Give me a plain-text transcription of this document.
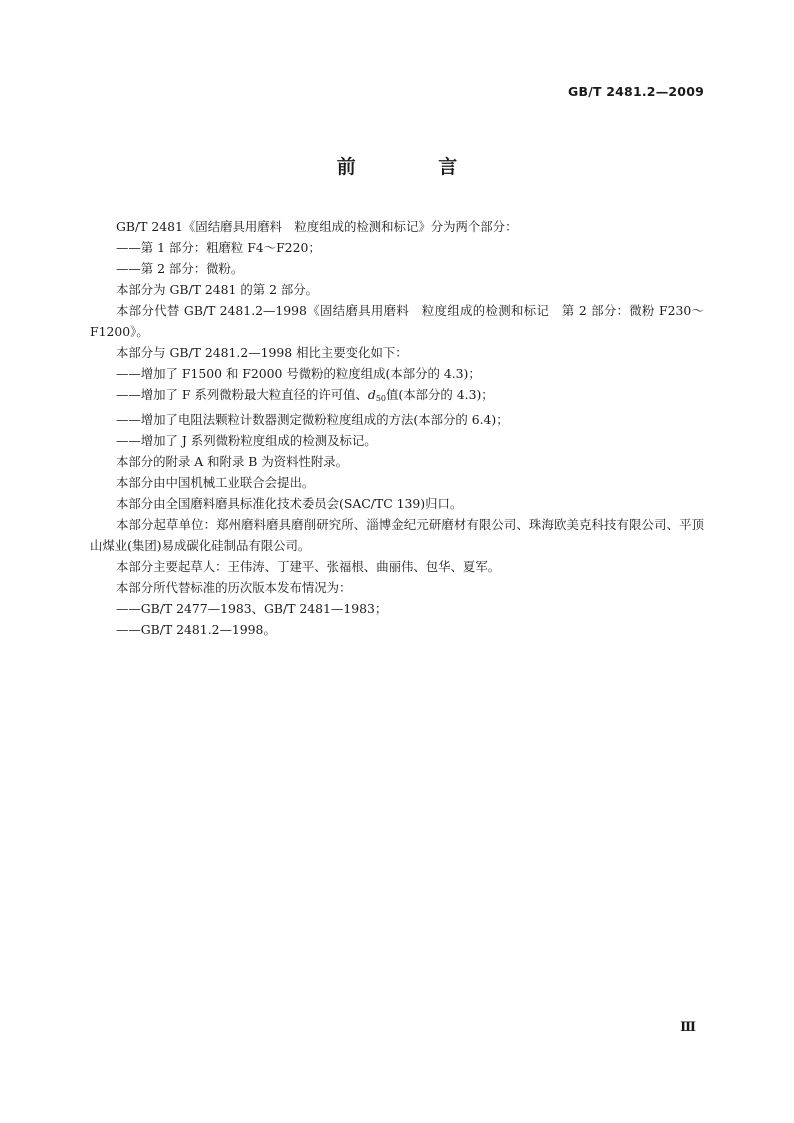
GB/T 2481.2—2009
前 言

GB/T 2481《固结磨具用磨料　粒度组成的检测和标记》分为两个部分：

——第 1 部分：粗磨粒 F4～F220；

——第 2 部分：微粉。

本部分为 GB/T 2481 的第 2 部分。

本部分代替 GB/T 2481.2—1998《固结磨具用磨料　粒度组成的检测和标记　第 2 部分：微粉 F230～F1200》。

本部分与 GB/T 2481.2—1998 相比主要变化如下：

——增加了 F1500 和 F2000 号微粉的粒度组成(本部分的 4.3)；

——增加了 F 系列微粉最大粒直径的许可值、$d_{50}$值(本部分的 4.3)；

——增加了电阻法颗粒计数器测定微粉粒度组成的方法(本部分的 6.4)；

——增加了 J 系列微粉粒度组成的检测及标记。

本部分的附录 A 和附录 B 为资料性附录。

本部分由中国机械工业联合会提出。

本部分由全国磨料磨具标准化技术委员会(SAC/TC 139)归口。

本部分起草单位：郑州磨料磨具磨削研究所、淄博金纪元研磨材有限公司、珠海欧美克科技有限公司、平顶山煤业(集团)易成碳化硅制品有限公司。

本部分主要起草人：王伟涛、丁建平、张福根、曲丽伟、包华、夏军。

本部分所代替标准的历次版本发布情况为：

——GB/T 2477—1983、GB/T 2481—1983；

——GB/T 2481.2—1998。

Ⅲ
